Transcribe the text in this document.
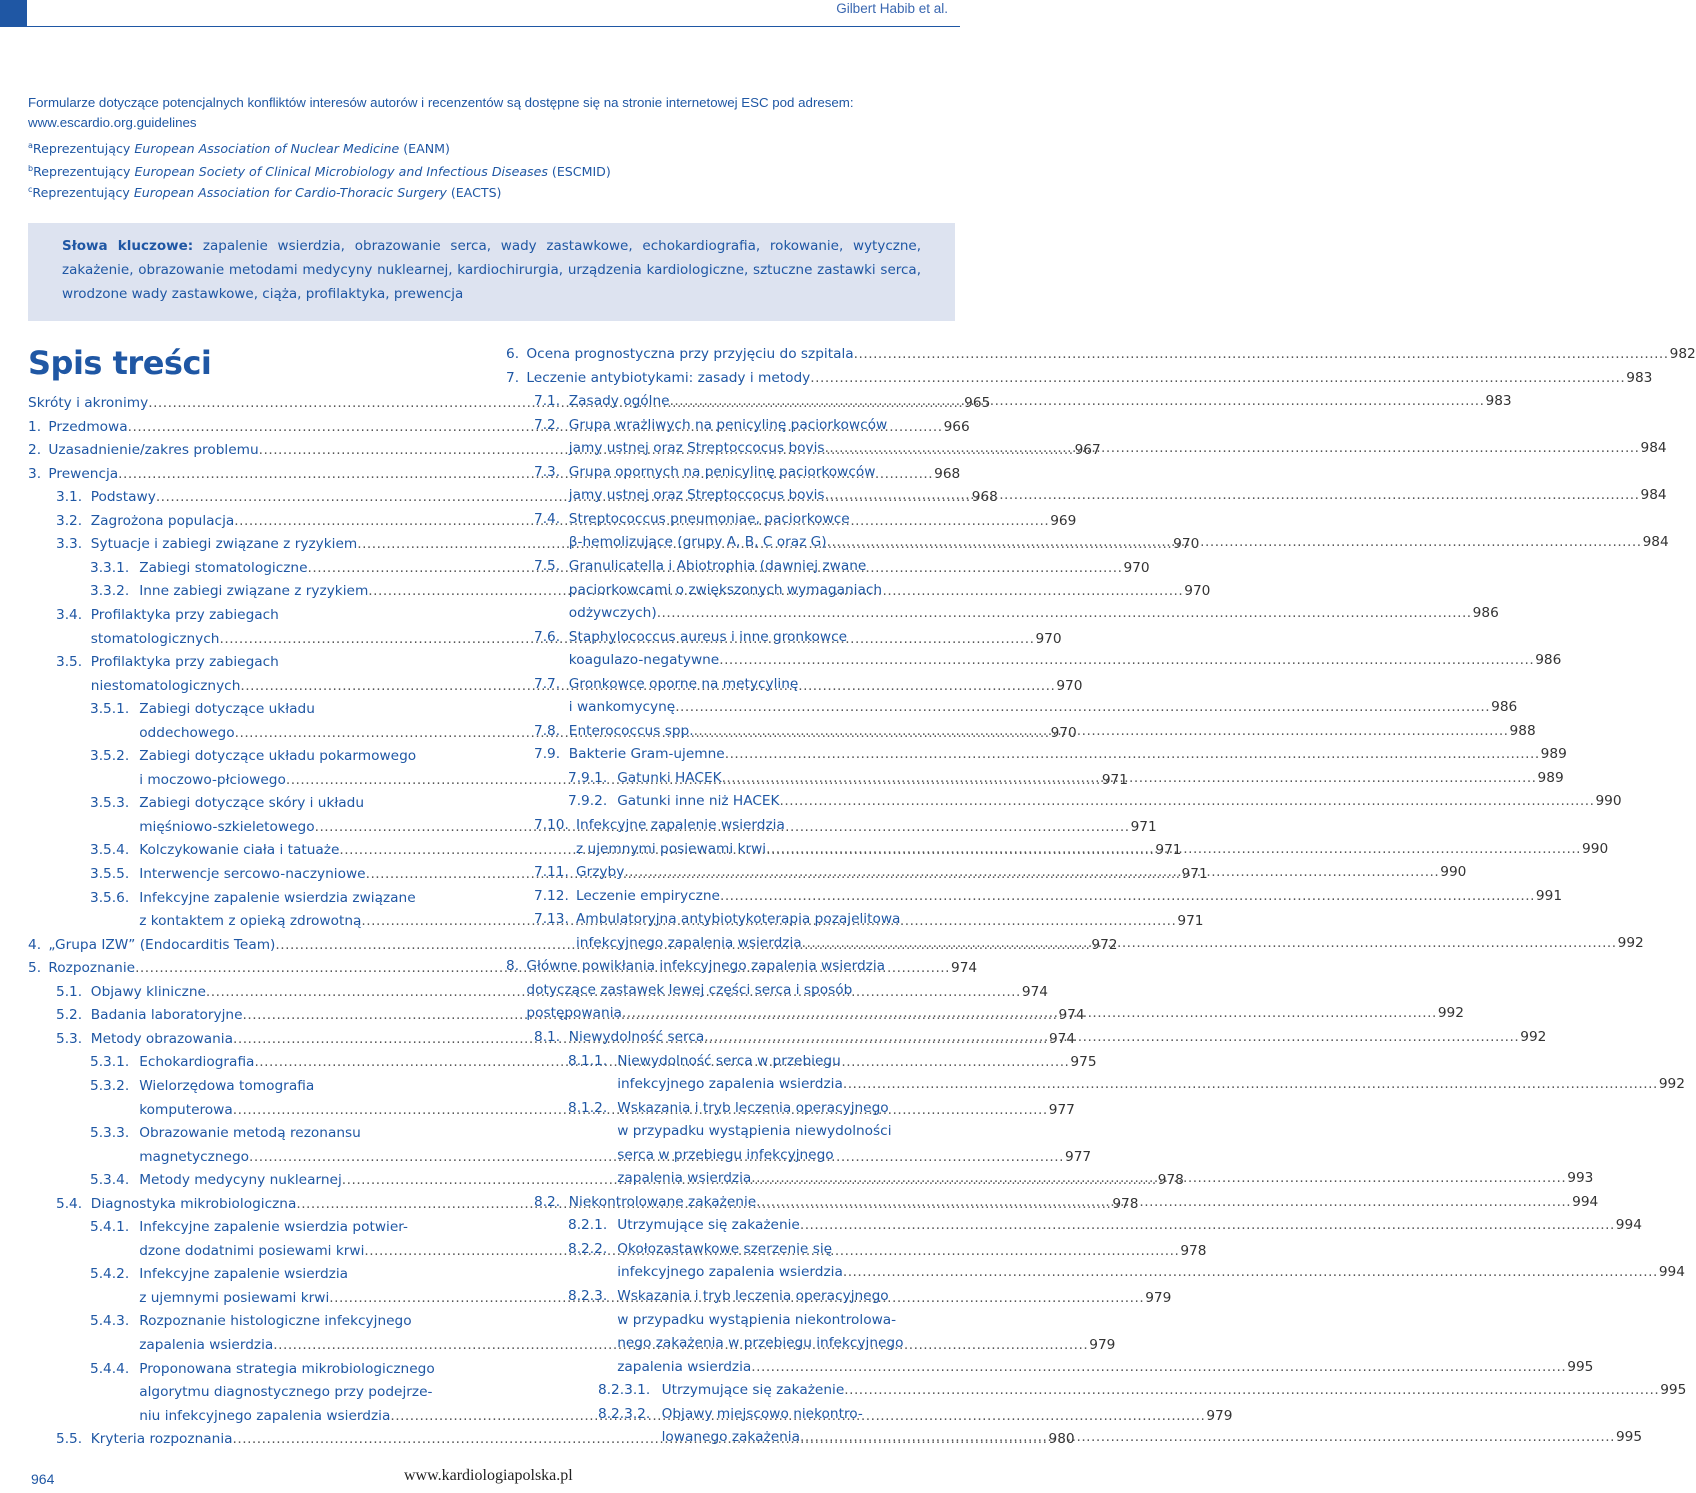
Gilbert Habib et al.
Formularze dotyczące potencjalnych konfliktów interesów autorów i recenzentów są dostępne się na stronie internetowej ESC pod adresem: www.escardio.org.guidelines
$^a$Reprezentujący European Association of Nuclear Medicine (EANM)
$^b$Reprezentujący European Society of Clinical Microbiology and Infectious Diseases (ESCMID)
$^c$Reprezentujący European Association for Cardio-Thoracic Surgery (EACTS)

Słowa kluczowe: zapalenie wsierdzia, obrazowanie serca, wady zastawkowe, echokardiografia, rokowanie, wytyczne, zakażenie, obrazowanie metodami medycyny nuklearnej, kardiochirurgia, urządzenia kardiologiczne, sztuczne zastawki serca, wrodzone wady zastawkowe, ciąża, profilaktyka, prewencja

Spis treści
Skróty i akronimy .....	965
1. Przedmowa .....	966
2. Uzasadnienie/zakres problemu .....	967
3. Prewencja .....	968
3.1. Podstawy .....	968
3.2. Zagrożona populacja .....	969
3.3. Sytuacje i zabiegi związane z ryzykiem .....	970
3.3.1. Zabiegi stomatologiczne .....	970
3.3.2. Inne zabiegi związane z ryzykiem .....	970
3.4. Profilaktyka przy zabiegach
stomatologicznych .....	970
3.5. Profilaktyka przy zabiegach
niestomatologicznych .....	970
3.5.1. Zabiegi dotyczące układu
oddechowego .....	970
3.5.2. Zabiegi dotyczące układu pokarmowego
i moczowo-płciowego .....	971
3.5.3. Zabiegi dotyczące skóry i układu
mięśniowo-szkieletowego .....	971
3.5.4. Kolczykowanie ciała i tatuaże .....	971
3.5.5. Interwencje sercowo-naczyniowe .....	971
3.5.6. Infekcyjne zapalenie wsierdzia związane
z kontaktem z opieką zdrowotną .....	971
4. „Grupa IZW” (Endocarditis Team) .....	972
5. Rozpoznanie .....	974
5.1. Objawy kliniczne .....	974
5.2. Badania laboratoryjne .....	974
5.3. Metody obrazowania .....	974
5.3.1. Echokardiografia .....	975
5.3.2. Wielorzędowa tomografia
komputerowa .....	977
5.3.3. Obrazowanie metodą rezonansu
magnetycznego .....	977
5.3.4. Metody medycyny nuklearnej .....	978
5.4. Diagnostyka mikrobiologiczna .....	978
5.4.1. Infekcyjne zapalenie wsierdzia potwier-
dzone dodatnimi posiewami krwi .....	978
5.4.2. Infekcyjne zapalenie wsierdzia
z ujemnymi posiewami krwi .....	979
5.4.3. Rozpoznanie histologiczne infekcyjnego
zapalenia wsierdzia .....	979
5.4.4. Proponowana strategia mikrobiologicznego
algorytmu diagnostycznego przy podejrze-
niu infekcyjnego zapalenia wsierdzia .....	979
5.5. Kryteria rozpoznania .....	980
6. Ocena prognostyczna przy przyjęciu do szpitala .....	982
7. Leczenie antybiotykami: zasady i metody .....	983
7.1. Zasady ogólne .....	983
7.2. Grupa wrażliwych na penicylinę paciorkowców
jamy ustnej oraz Streptoccocus bovis .....	984
7.3. Grupa opornych na penicylinę paciorkowców
jamy ustnej oraz Streptoccocus bovis .....	984
7.4. Streptococcus pneumoniae, paciorkowce
β-hemolizujące (grupy A, B, C oraz G) .....	984
7.5. Granulicatella i Abiotrophia (dawniej zwane
paciorkowcami o zwiększonych wymaganiach
odżywczych) .....	986
7.6. Staphylococcus aureus i inne gronkowce
koagulazo-negatywne .....	986
7.7. Gronkowce oporne na metycylinę
i wankomycynę .....	986
7.8. Enterococcus spp. .....	988
7.9. Bakterie Gram-ujemne .....	989
7.9.1. Gatunki HACEK .....	989
7.9.2. Gatunki inne niż HACEK .....	990
7.10. Infekcyjne zapalenie wsierdzia
z ujemnymi posiewami krwi .....	990
7.11. Grzyby .....	990
7.12. Leczenie empiryczne .....	991
7.13. Ambulatoryjna antybiotykoterapia pozajelitowa
infekcyjnego zapalenia wsierdzia .....	992
8. Główne powikłania infekcyjnego zapalenia wsierdzia
dotyczące zastawek lewej części serca i sposób
postępowania .....	992
8.1. Niewydolność serca .....	992
8.1.1. Niewydolność serca w przebiegu
infekcyjnego zapalenia wsierdzia .....	992
8.1.2. Wskazania i tryb leczenia operacyjnego
w przypadku wystąpienia niewydolności
serca w przebiegu infekcyjnego
zapalenia wsierdzia .....	993
8.2. Niekontrolowane zakażenie .....	994
8.2.1. Utrzymujące się zakażenie .....	994
8.2.2. Okołozastawkowe szerzenie się
infekcyjnego zapalenia wsierdzia .....	994
8.2.3. Wskazania i tryb leczenia operacyjnego
w przypadku wystąpienia niekontrolowa-
nego zakażenia w przebiegu infekcyjnego
zapalenia wsierdzia .....	995
8.2.3.1. Utrzymujące się zakażenie .....	995
8.2.3.2. Objawy miejscowo niekontro-
lowanego zakażenia .....	995
964	www.kardiologiapolska.pl
